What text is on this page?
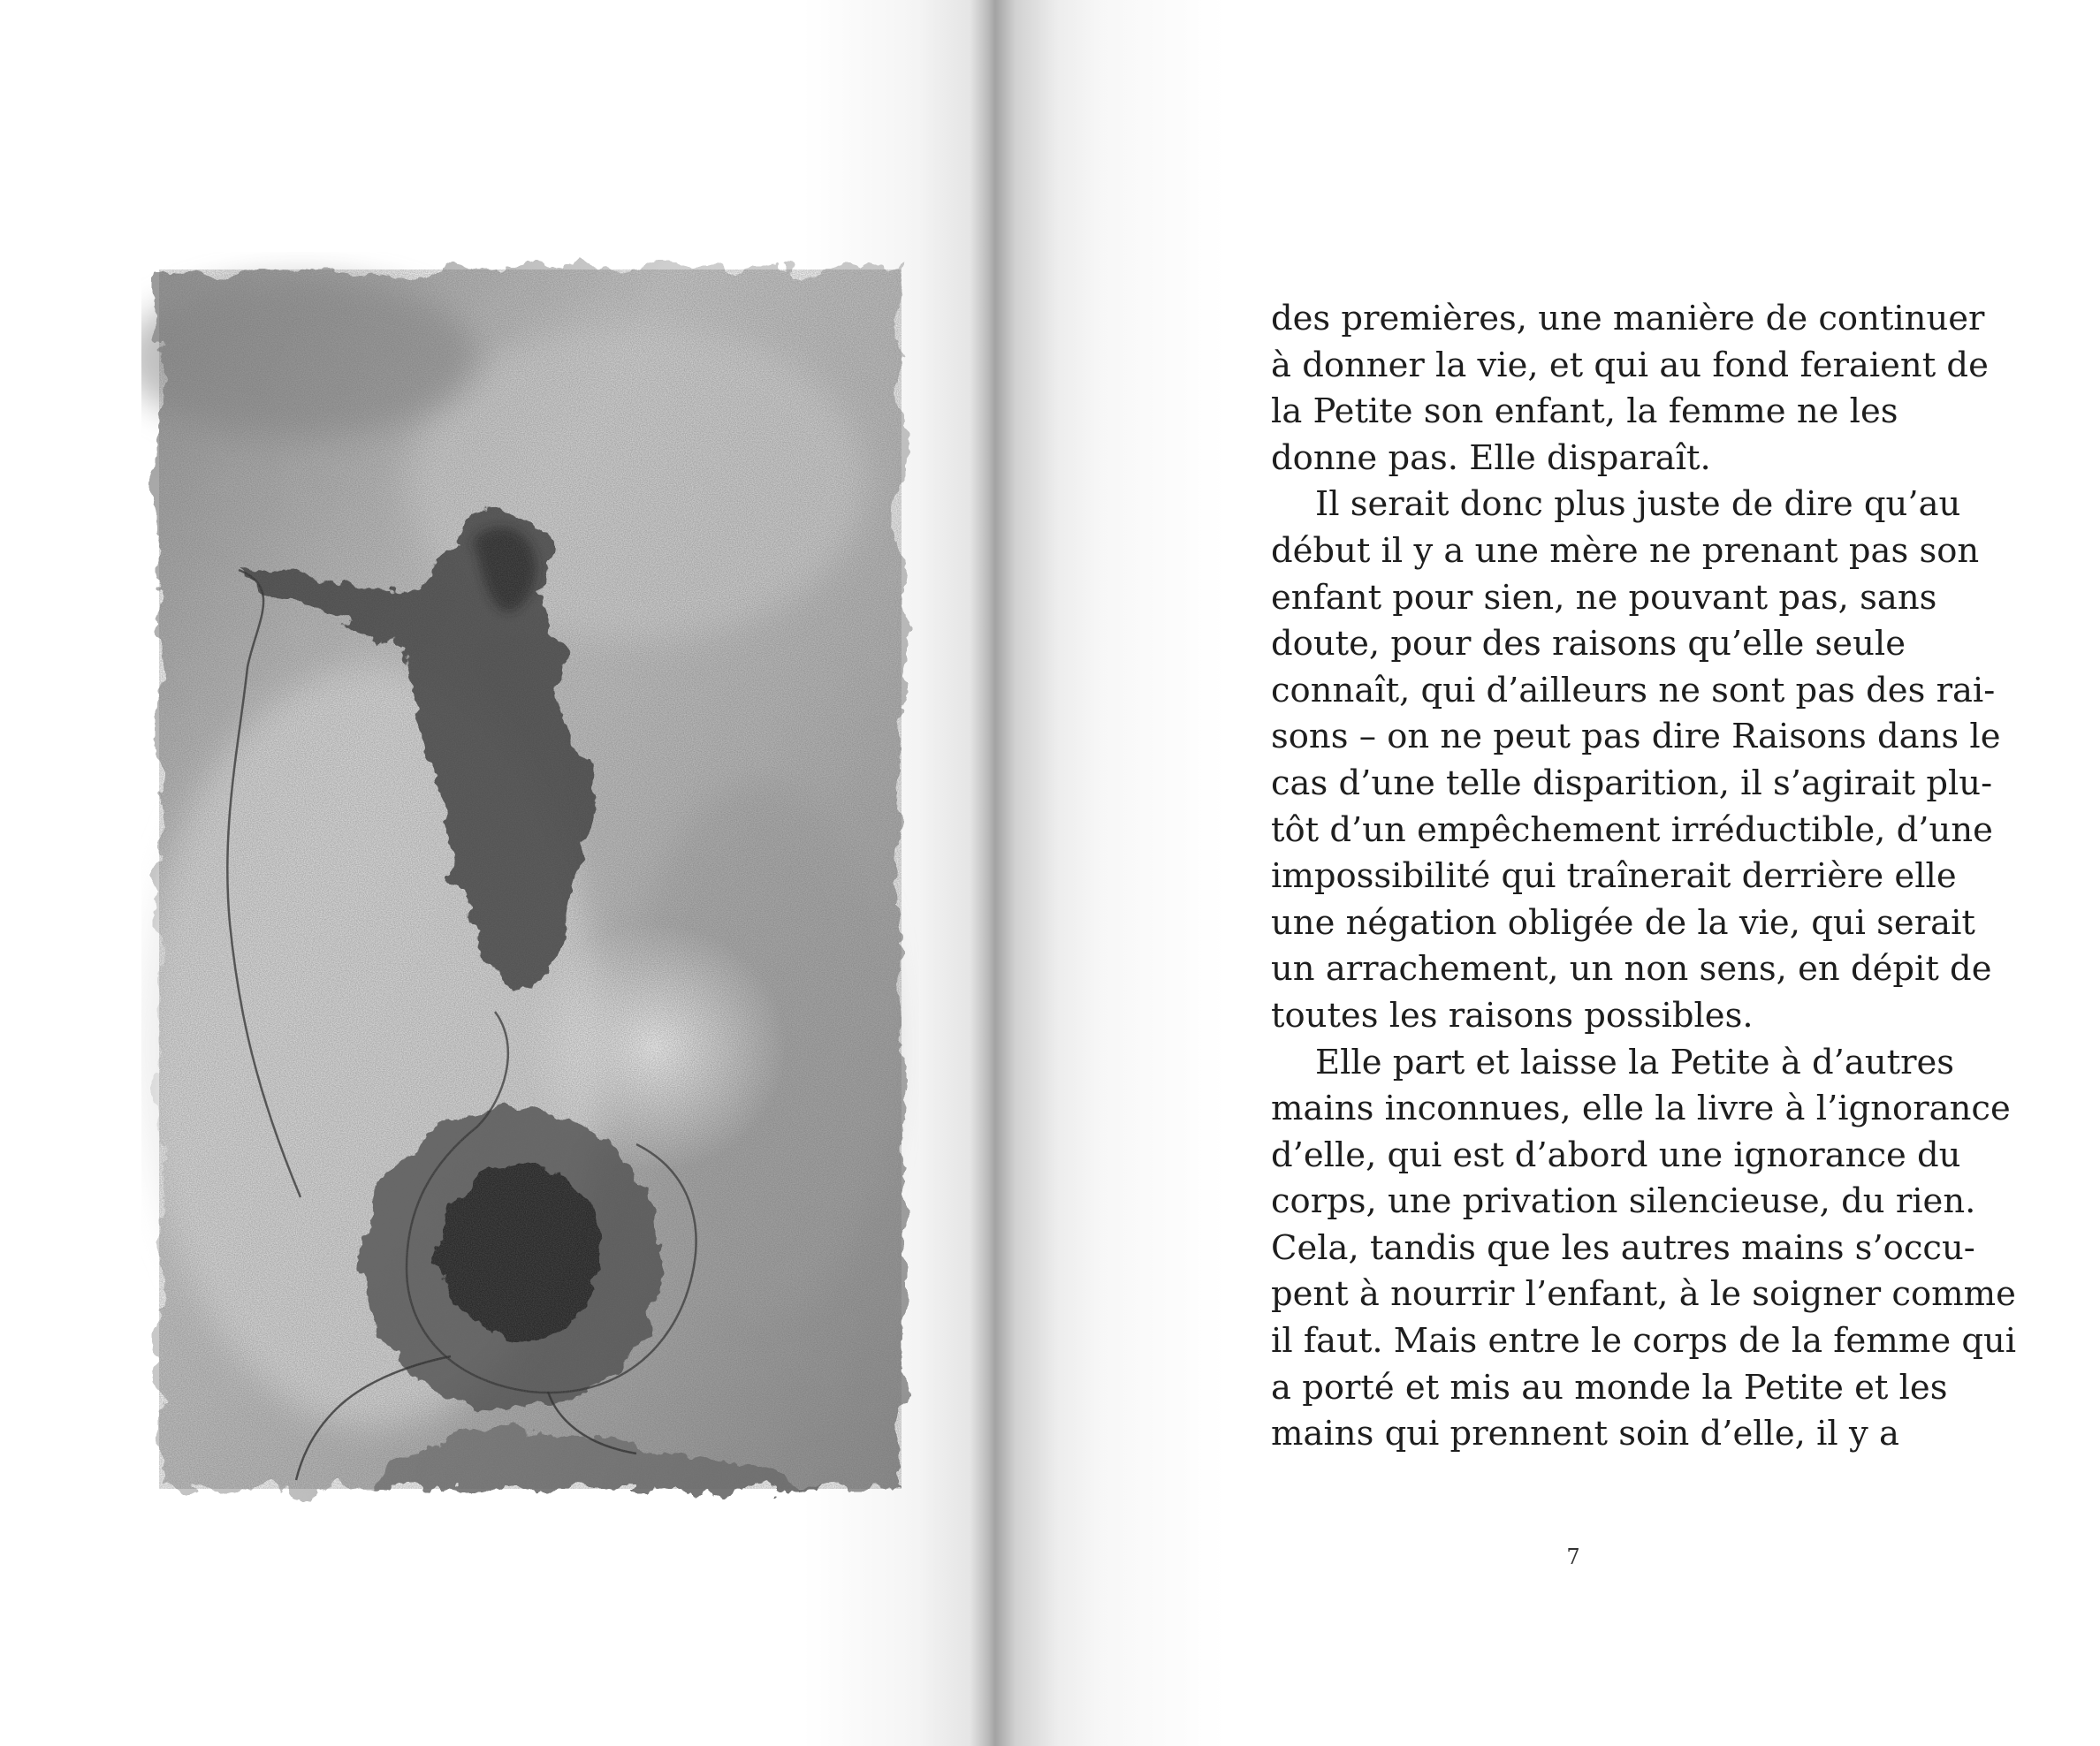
des premières, une manière de continuer
à donner la vie, et qui au fond feraient de
la Petite son enfant, la femme ne les
donne pas. Elle disparaît.

Il serait donc plus juste de dire qu’au
début il y a une mère ne prenant pas son
enfant pour sien, ne pouvant pas, sans
doute, pour des raisons qu’elle seule
connaît, qui d’ailleurs ne sont pas des rai-
sons – on ne peut pas dire Raisons dans le
cas d’une telle disparition, il s’agirait plu-
tôt d’un empêchement irréductible, d’une
impossibilité qui traînerait derrière elle
une négation obligée de la vie, qui serait
un arrachement, un non sens, en dépit de
toutes les raisons possibles.

Elle part et laisse la Petite à d’autres
mains inconnues, elle la livre à l’ignorance
d’elle, qui est d’abord une ignorance du
corps, une privation silencieuse, du rien.
Cela, tandis que les autres mains s’occu-
pent à nourrir l’enfant, à le soigner comme
il faut. Mais entre le corps de la femme qui
a porté et mis au monde la Petite et les
mains qui prennent soin d’elle, il y a

7
